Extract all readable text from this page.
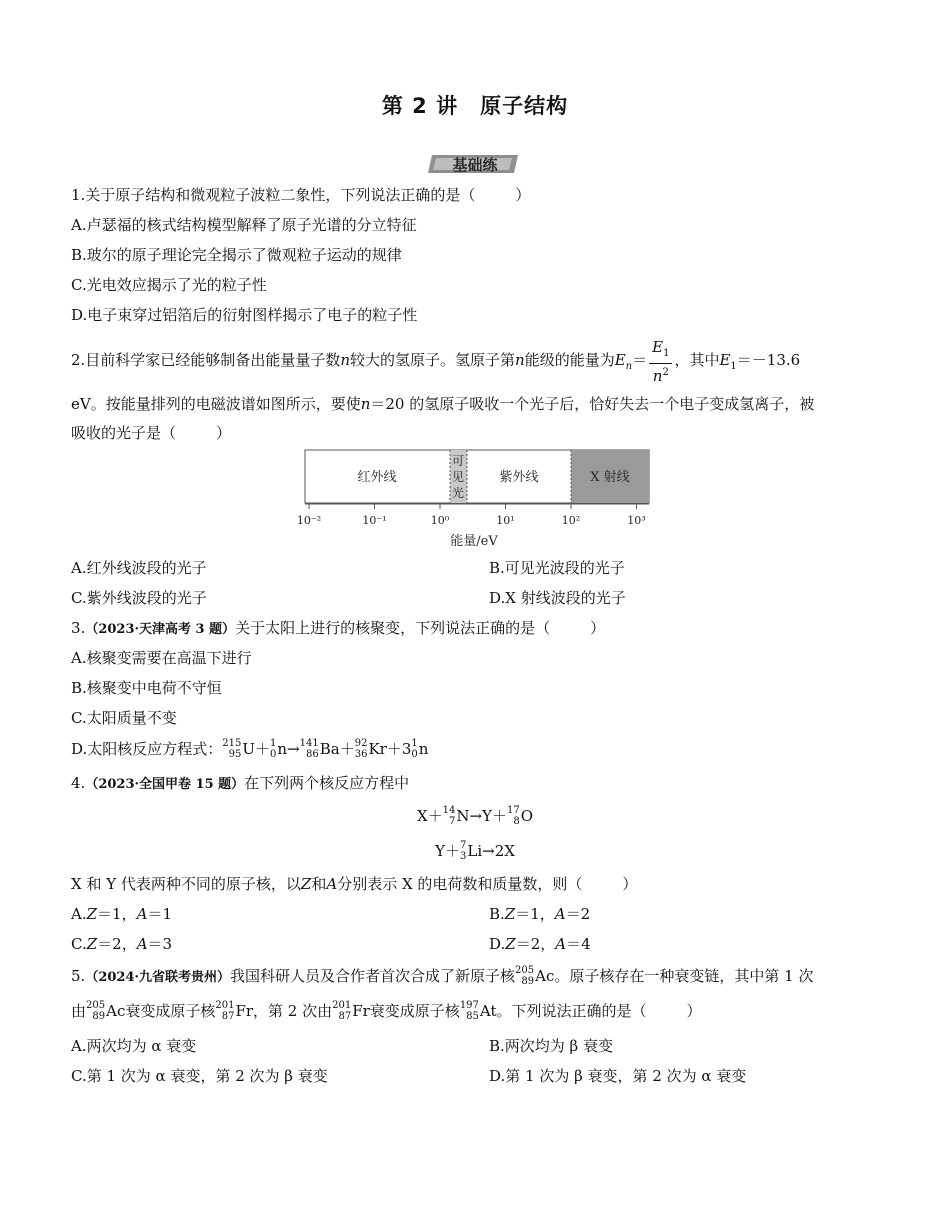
第 2 讲 原子结构
基础练
1.关于原子结构和微观粒子波粒二象性，下列说法正确的是（	）
A.卢瑟福的核式结构模型解释了原子光谱的分立特征
B.玻尔的原子理论完全揭示了微观粒子运动的规律
C.光电效应揭示了光的粒子性
D.电子束穿过铝箔后的衍射图样揭示了电子的粒子性
2.目前科学家已经能够制备出能量量子数n较大的氢原子。氢原子第n能级的能量为$E_n= \frac{E_1}{n^2}$ ，其中$E_1=-13.6$
eV。按能量排列的电磁波谱如图所示，要使n＝20 的氢原子吸收一个光子后，恰好失去一个电子变成氢离子，被
吸收的光子是（	）
红外线
可
见
光
紫外线	X 射线
10⁻²	10⁻¹	10⁰	10¹	10²	10³
能量/eV
A.红外线波段的光子	B.可见光波段的光子
C.紫外线波段的光子	D.X 射线波段的光子
3.（2023·天津高考 3 题）关于太阳上进行的核聚变，下列说法正确的是（	）
A.核聚变需要在高温下进行
B.核聚变中电荷不守恒
C.太阳质量不变
D.太阳核反应方程式： 215
95 U＋ 1
0 n→ 141
86 Ba＋ 92
36 Kr＋3 1
0 n
4.（2023·全国甲卷 15 题）在下列两个核反应方程中
X＋ 14
7 N→Y＋ 17
8 O
Y＋ 7
3 Li→2X
X 和 Y 代表两种不同的原子核，以Z和A分别表示 X 的电荷数和质量数，则（	）
A.Z＝1，A＝1	B.Z＝1，A＝2
C.Z＝2，A＝3	D.Z＝2，A＝4
5.（2024·九省联考贵州）我国科研人员及合作者首次合成了新原子核 205
89 Ac。原子核存在一种衰变链，其中第 1 次
由 205
89 Ac衰变成原子核 201
87 Fr，第 2 次由 201
87 Fr衰变成原子核 197
85 At。下列说法正确的是（	）
A.两次均为 α 衰变	B.两次均为 β 衰变
C.第 1 次为 α 衰变，第 2 次为 β 衰变	D.第 1 次为 β 衰变，第 2 次为 α 衰变
